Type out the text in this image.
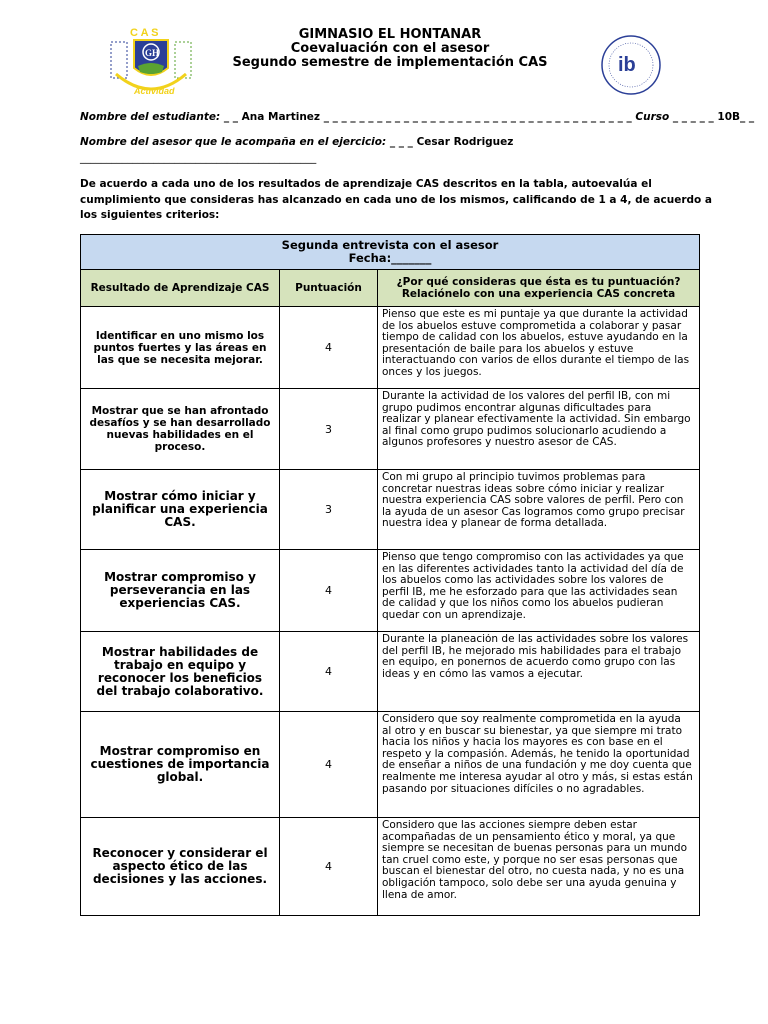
C A S
GH
Actividad
GIMNASIO EL HONTANAR
Coevaluación con el asesor
Segundo semestre de implementación CAS	ib
Nombre del estudiante: _ _ Ana Martinez _ _ _ _ _ _ _ _ _ _ _ _ _ _ _ _ _ _ _ _ _ _ _ _ _ _ _ _ _ _ _ _ _ _ _ Curso _ _ _ _ _ 10B_ _
Nombre del asesor que le acompaña en el ejercicio: _ _ _ Cesar Rodriguez
_____________________________________________
De acuerdo a cada uno de los resultados de aprendizaje CAS descritos en la tabla, autoevalúa el cumplimiento que consideras has alcanzado en cada uno de los mismos, calificando de 1 a 4, de acuerdo a los siguientes criterios:
Segunda entrevista con el asesor
Fecha:_______		

Resultado de Aprendizaje CAS	Puntuación	¿Por qué consideras que ésta es tu puntuación? Relaciónelo con una experiencia CAS concreta
Identificar en uno mismo los puntos fuertes y las áreas en las que se necesita mejorar.	4	Pienso que este es mi puntaje ya que durante la actividad de los abuelos estuve comprometida a colaborar y pasar tiempo de calidad con los abuelos, estuve ayudando en la presentación de baile para los abuelos y estuve interactuando con varios de ellos durante el tiempo de las onces y los juegos.

Mostrar que se han afrontado desafíos y se han desarrollado nuevas habilidades en el proceso.	3	Durante la actividad de los valores del perfil IB, con mi grupo pudimos encontrar algunas dificultades para realizar y planear efectivamente la actividad. Sin embargo al final como grupo pudimos solucionarlo acudiendo a algunos profesores y nuestro asesor de CAS.

Mostrar cómo iniciar y planificar una experiencia CAS.	3	Con mi grupo al principio tuvimos problemas para concretar nuestras ideas sobre cómo iniciar y realizar nuestra experiencia CAS sobre valores de perfil. Pero con la ayuda de un asesor Cas logramos como grupo precisar nuestra idea y planear de forma detallada.

Mostrar compromiso y perseverancia en las experiencias CAS.	4	Pienso que tengo compromiso con las actividades ya que en las diferentes actividades tanto la actividad del día de los abuelos como las actividades sobre los valores de perfil IB, me he esforzado para que las actividades sean de calidad y que los niños como los abuelos pudieran quedar con un aprendizaje.

Mostrar habilidades de trabajo en equipo y reconocer los beneficios del trabajo colaborativo.	4	Durante la planeación de las actividades sobre los valores del perfil IB, he mejorado mis habilidades para el trabajo en equipo, en ponernos de acuerdo como grupo con las ideas y en cómo las vamos a ejecutar.

Mostrar compromiso en cuestiones de importancia global.	4	Considero que soy realmente comprometida en la ayuda al otro y en buscar su bienestar, ya que siempre mi trato hacia los niños y hacia los mayores es con base en el respeto y la compasión. Además, he tenido la oportunidad de enseñar a niños de una fundación y me doy cuenta que realmente me interesa ayudar al otro y más, si estas están pasando por situaciones difíciles o no agradables.

Reconocer y considerar el aspecto ético de las decisiones y las acciones.	4	Considero que las acciones siempre deben estar acompañadas de un pensamiento ético y moral, ya que siempre se necesitan de buenas personas para un mundo tan cruel como este, y porque no ser esas personas que buscan el bienestar del otro, no cuesta nada, y no es una obligación tampoco, solo debe ser una ayuda genuina y llena de amor.
